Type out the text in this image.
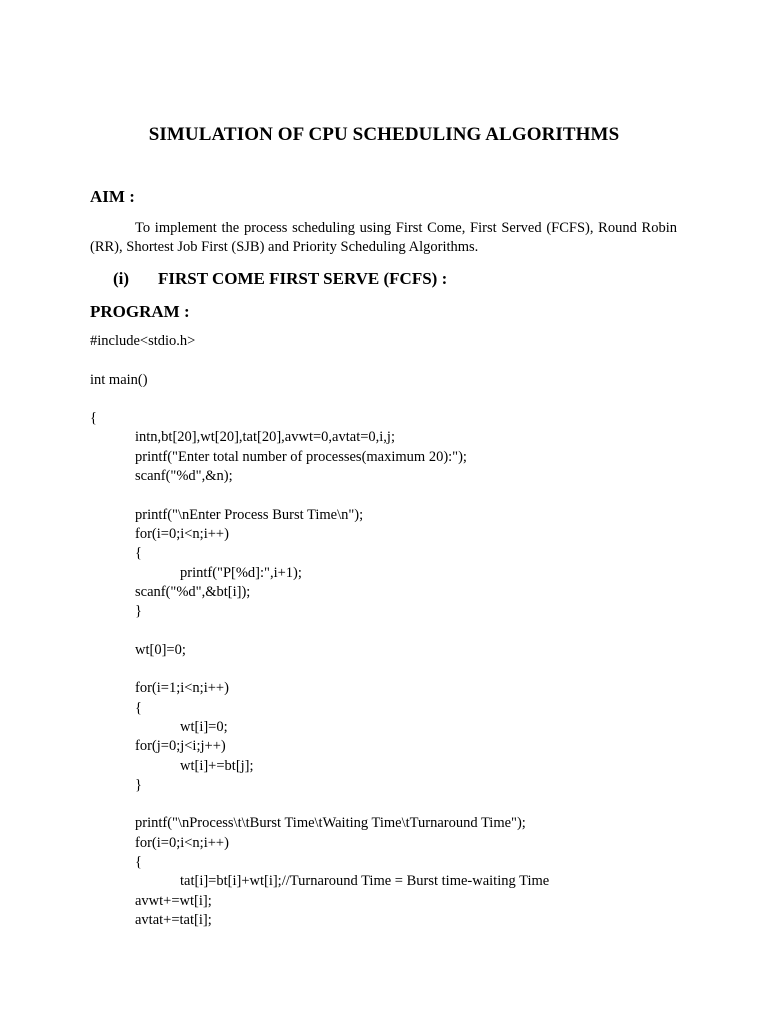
SIMULATION OF CPU SCHEDULING ALGORITHMS
AIM :

To implement the process scheduling using First Come, First Served (FCFS), Round Robin (RR), Shortest Job First (SJB) and Priority Scheduling Algorithms.

(i) FIRST COME FIRST SERVE (FCFS) :
PROGRAM :
#include<stdio.h>
int main()
{
intn,bt[20],wt[20],tat[20],avwt=0,avtat=0,i,j;
printf("Enter total number of processes(maximum 20):");
scanf("%d",&n);
printf("\nEnter Process Burst Time\n");
for(i=0;i<n;i++)
{
printf("P[%d]:",i+1);
scanf("%d",&bt[i]);
}
wt[0]=0;
for(i=1;i<n;i++)
{
wt[i]=0;
for(j=0;j<i;j++)
wt[i]+=bt[j];
}
printf("\nProcess\t\tBurst Time\tWaiting Time\tTurnaround Time");
for(i=0;i<n;i++)
{
tat[i]=bt[i]+wt[i];//Turnaround Time = Burst time-waiting Time
avwt+=wt[i];
avtat+=tat[i];
